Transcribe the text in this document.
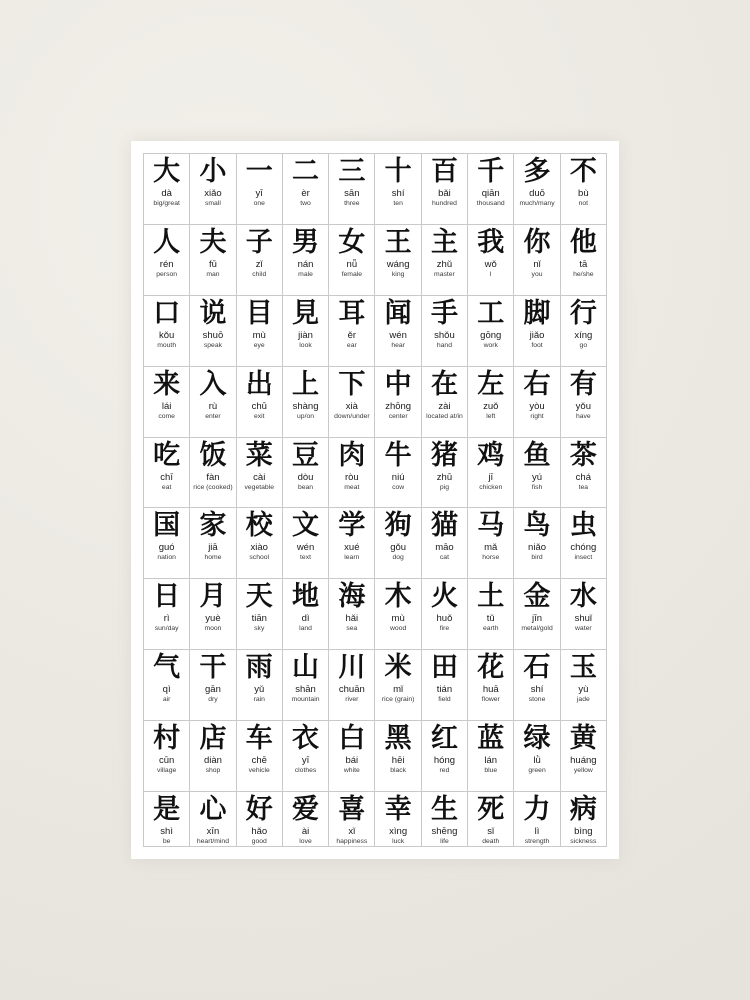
大
dà
big/great
小
xiǎo
small
一
yī
one
二
èr
two
三
sān
three
十
shí
ten
百
bǎi
hundred
千
qiān
thousand
多
duō
much/many
不
bù
not
人
rén
person
夫
fū
man
子
zǐ
child
男
nán
male
女
nǚ
female
王
wáng
king
主
zhǔ
master
我
wǒ
I
你
nǐ
you
他
tā
he/she
口
kǒu
mouth
说
shuō
speak
目
mù
eye
見
jiàn
look
耳
ěr
ear
闻
wén
hear
手
shǒu
hand
工
gōng
work
脚
jiǎo
foot
行
xíng
go
来
lái
come
入
rù
enter
出
chū
exit
上
shàng
up/on
下
xià
down/under
中
zhōng
center
在
zài
located at/in
左
zuǒ
left
右
yòu
right
有
yǒu
have
吃
chī
eat
饭
fàn
rice (cooked)
菜
cài
vegetable
豆
dòu
bean
肉
ròu
meat
牛
niú
cow
猪
zhū
pig
鸡
jī
chicken
鱼
yú
fish
茶
chá
tea
国
guó
nation
家
jiā
home
校
xiào
school
文
wén
text
学
xué
learn
狗
gǒu
dog
猫
māo
cat
马
mǎ
horse
鸟
niǎo
bird
虫
chóng
insect
日
rì
sun/day
月
yuè
moon
天
tiān
sky
地
dì
land
海
hǎi
sea
木
mù
wood
火
huǒ
fire
土
tǔ
earth
金
jīn
metal/gold
水
shuǐ
water
气
qì
air
干
gān
dry
雨
yǔ
rain
山
shān
mountain
川
chuān
river
米
mǐ
rice (grain)
田
tián
field
花
huā
flower
石
shí
stone
玉
yù
jade
村
cūn
village
店
diàn
shop
车
chē
vehicle
衣
yī
clothes
白
bái
white
黑
hēi
black
红
hóng
red
蓝
lán
blue
绿
lǜ
green
黄
huáng
yellow
是
shì
be
心
xīn
heart/mind
好
hǎo
good
爱
ài
love
喜
xǐ
happiness
幸
xìng
luck
生
shēng
life
死
sǐ
death
力
lì
strength
病
bìng
sickness
